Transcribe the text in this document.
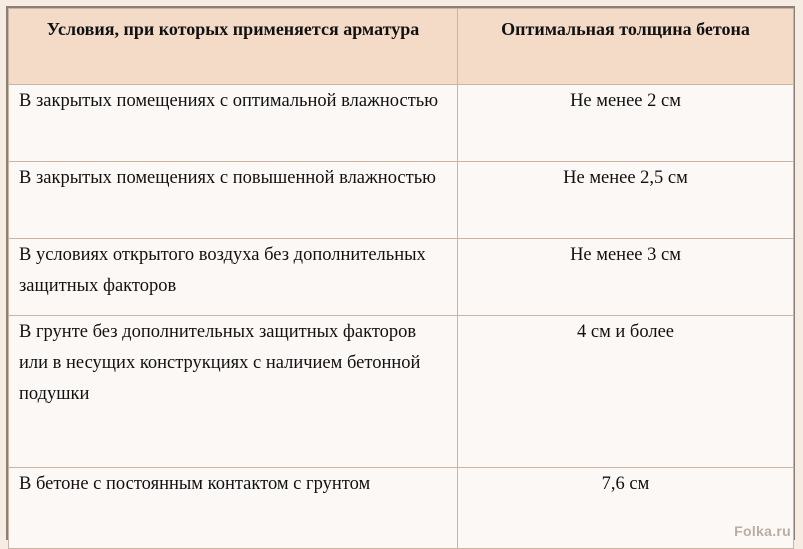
Условия, при которых применяется арматура	Оптимальная толщина бетона
В закрытых помещениях с оптимальной влажностью	Не менее 2 см
В закрытых помещениях с повышенной влажностью	Не менее 2,5 см
В условиях открытого воздуха без дополнительных защитных факторов	Не менее 3 см
В грунте без дополнительных защитных факторов или в несущих конструкциях с наличием бетонной подушки	4 см и более
В бетоне с постоянным контактом с грунтом	7,6 см
Folka.ru
